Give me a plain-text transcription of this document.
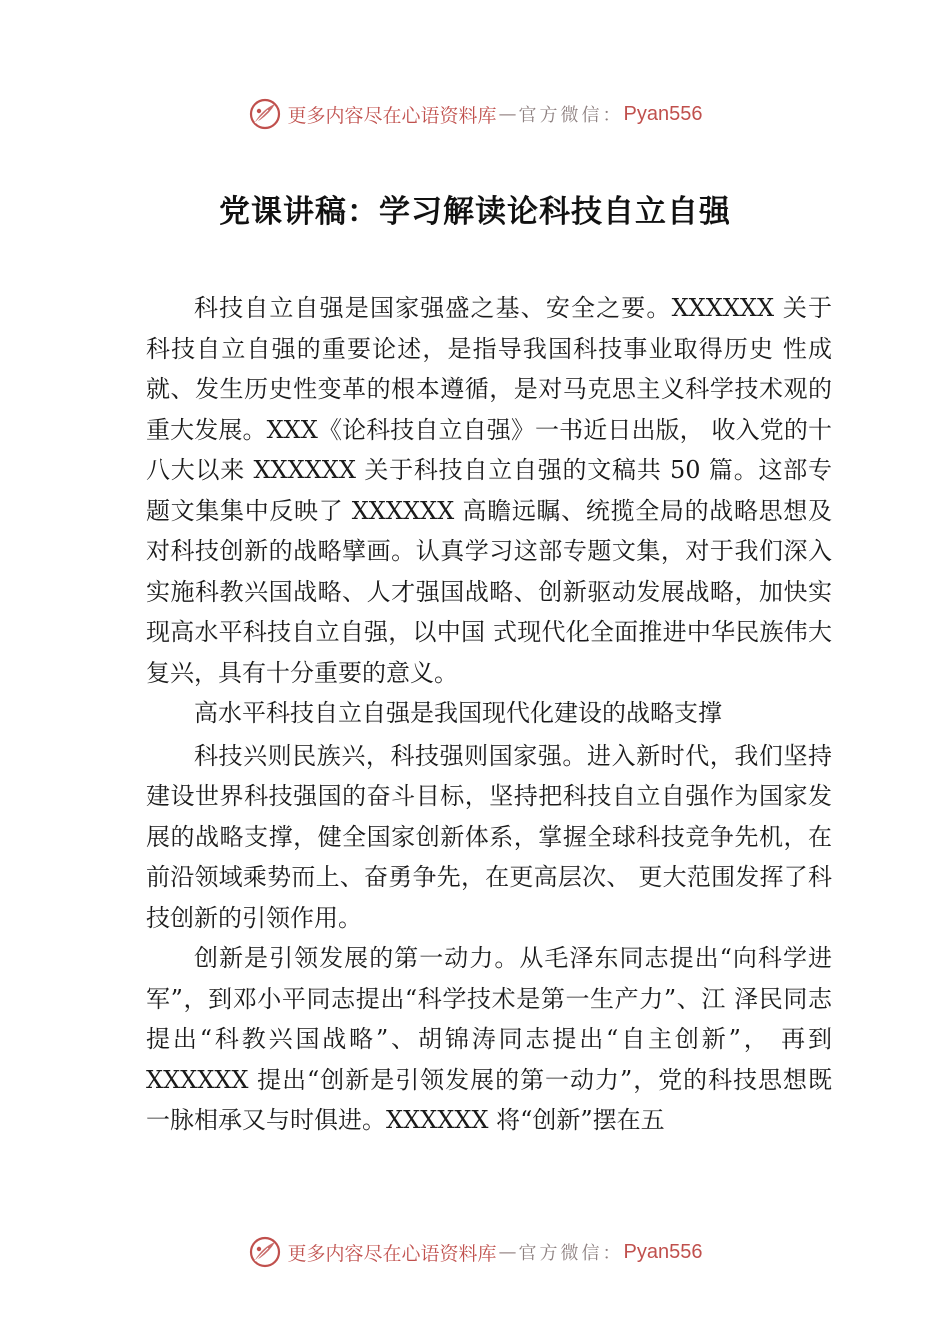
更多内容尽在心语资料库 — 官方微信： Pyan556
党课讲稿：学习解读论科技自立自强

科技自立自强是国家强盛之基、安全之要。XXXXXX 关于科技自立自强的重要论述，是指导我国科技事业取得历史 性成就、发生历史性变革的根本遵循，是对马克思主义科学技术观的重大发展。XXX《论科技自立自强》一书近日出版， 收入党的十八大以来 XXXXXX 关于科技自立自强的文稿共 50 篇。这部专题文集集中反映了 XXXXXX 高瞻远瞩、统揽全局的战略思想及对科技创新的战略擘画。认真学习这部专题文集，对于我们深入实施科教兴国战略、人才强国战略、创新驱动发展战略，加快实现高水平科技自立自强，以中国 式现代化全面推进中华民族伟大复兴，具有十分重要的意义。

高水平科技自立自强是我国现代化建设的战略支撑

科技兴则民族兴，科技强则国家强。进入新时代，我们坚持建设世界科技强国的奋斗目标，坚持把科技自立自强作为国家发展的战略支撑，健全国家创新体系，掌握全球科技竞争先机，在前沿领域乘势而上、奋勇争先，在更高层次、 更大范围发挥了科技创新的引领作用。

创新是引领发展的第一动力。从毛泽东同志提出“向科学进军”，到邓小平同志提出“科学技术是第一生产力”、江 泽民同志提出“科教兴国战略”、胡锦涛同志提出“自主创新”， 再到 XXXXXX 提出“创新是引领发展的第一动力”，党的科技思想既一脉相承又与时俱进。XXXXXX 将“创新”摆在五

更多内容尽在心语资料库 — 官方微信： Pyan556
